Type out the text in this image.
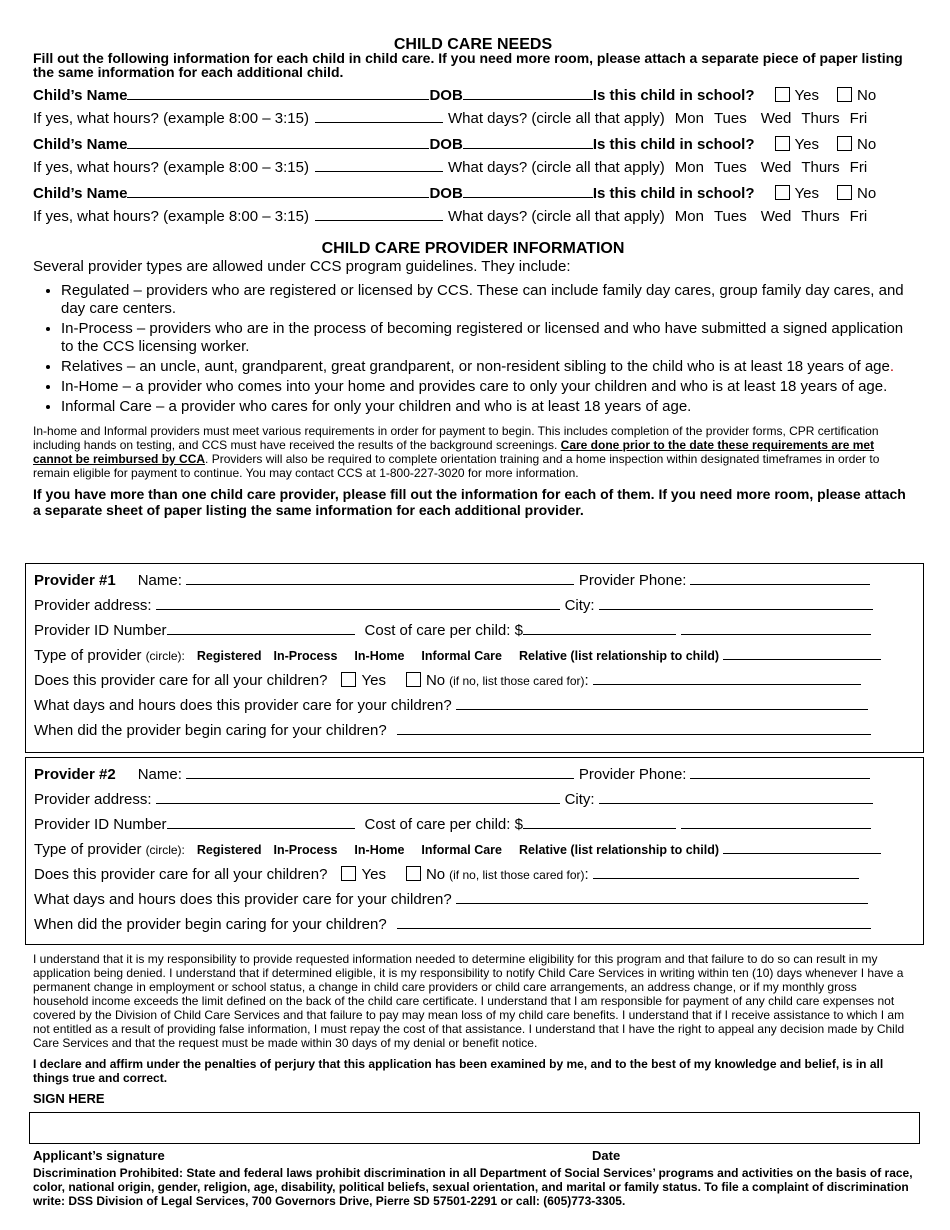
CHILD CARE NEEDS
Fill out the following information for each child in child care. If you need more room, please attach a separate piece of paper listing the same information for each additional child.
Child’s Name	DOB	Is this child in school?	Yes	No
If yes, what hours? (example 8:00 – 3:15)	What days? (circle all that apply) Mon Tues Wed Thurs Fri
Child’s Name	DOB	Is this child in school?	Yes	No
If yes, what hours? (example 8:00 – 3:15)	What days? (circle all that apply) Mon Tues Wed Thurs Fri
Child’s Name	DOB	Is this child in school?	Yes	No
If yes, what hours? (example 8:00 – 3:15)	What days? (circle all that apply) Mon Tues Wed Thurs Fri
CHILD CARE PROVIDER INFORMATION
Several provider types are allowed under CCS program guidelines. They include:
• Regulated – providers who are registered or licensed by CCS. These can include family day cares, group family day cares, and day care centers.
• In-Process – providers who are in the process of becoming registered or licensed and who have submitted a signed application to the CCS licensing worker.
• Relatives – an uncle, aunt, grandparent, great grandparent, or non-resident sibling to the child who is at least 18 years of age.
• In-Home – a provider who comes into your home and provides care to only your children and who is at least 18 years of age.
• Informal Care – a provider who cares for only your children and who is at least 18 years of age.
In-home and Informal providers must meet various requirements in order for payment to begin. This includes completion of the provider forms, CPR certification including hands on testing, and CCS must have received the results of the background screenings. Care done prior to the date these requirements are met cannot be reimbursed by CCA. Providers will also be required to complete orientation training and a home inspection within designated timeframes in order to remain eligible for payment to continue. You may contact CCS at 1-800-227-3020 for more information.
If you have more than one child care provider, please fill out the information for each of them. If you need more room, please attach a separate sheet of paper listing the same information for each additional provider.
Provider #1 Name:	Provider Phone:
Provider address:	City:
Provider ID Number	Cost of care per child: $
Type of provider (circle): Registered In-Process In-Home Informal Care Relative (list relationship to child)
Does this provider care for all your children? Yes	No (if no, list those cared for) :
What days and hours does this provider care for your children?
When did the provider begin caring for your children?
Provider #2 Name:	Provider Phone:
Provider address:	City:
Provider ID Number	Cost of care per child: $
Type of provider (circle): Registered In-Process In-Home Informal Care Relative (list relationship to child)
Does this provider care for all your children? Yes	No (if no, list those cared for) :
What days and hours does this provider care for your children?
When did the provider begin caring for your children?
I understand that it is my responsibility to provide requested information needed to determine eligibility for this program and that failure to do so can result in my application being denied. I understand that if determined eligible, it is my responsibility to notify Child Care Services in writing within ten (10) days whenever I have a permanent change in employment or school status, a change in child care providers or child care arrangements, an address change, or if my monthly gross household income exceeds the limit defined on the back of the child care certificate. I understand that I am responsible for payment of any child care expenses not covered by the Division of Child Care Services and that failure to pay may mean loss of my child care benefits. I understand that if I receive assistance to which I am not entitled as a result of providing false information, I must repay the cost of that assistance. I understand that I have the right to appeal any decision made by Child Care Services and that the request must be made within 30 days of my denial or benefit notice.
I declare and affirm under the penalties of perjury that this application has been examined by me, and to the best of my knowledge and belief, is in all things true and correct.
SIGN HERE
Applicant’s signature	Date
Discrimination Prohibited: State and federal laws prohibit discrimination in all Department of Social Services’ programs and activities on the basis of race, color, national origin, gender, religion, age, disability, political beliefs, sexual orientation, and marital or family status. To file a complaint of discrimination write: DSS Division of Legal Services, 700 Governors Drive, Pierre SD 57501-2291 or call: (605)773-3305.
